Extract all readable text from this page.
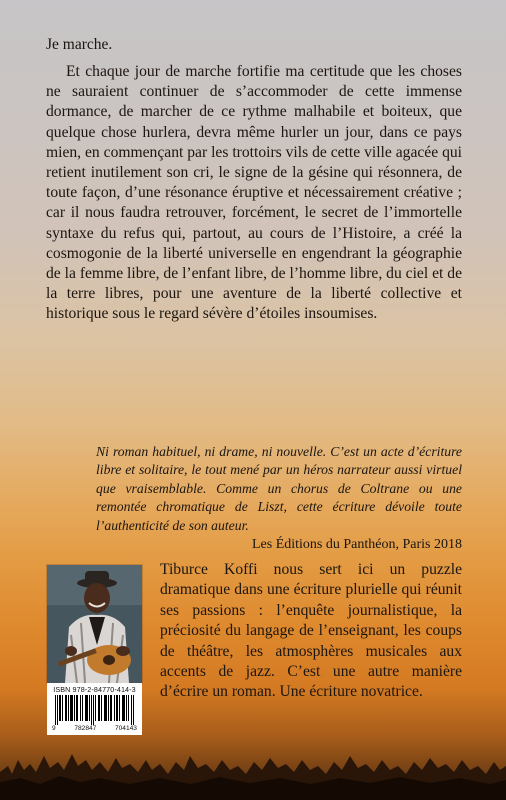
Je marche.

Et chaque jour de marche fortifie ma certitude que les choses ne sauraient continuer de s’accommoder de cette immense dormance, de marcher de ce rythme malhabile et boiteux, que quelque chose hurlera, devra même hurler un jour, dans ce pays mien, en commençant par les trottoirs vils de cette ville agacée qui retient inutilement son cri, le signe de la gésine qui résonnera, de toute façon, d’une résonance éruptive et nécessairement créative ; car il nous faudra retrouver, forcément, le secret de l’immortelle syntaxe du refus qui, partout, au cours de l’Histoire, a créé la cosmogonie de la liberté universelle en engendrant la géographie de la femme libre, de l’enfant libre, de l’homme libre, du ciel et de la terre libres, pour une aventure de la liberté collective et historique sous le regard sévère d’étoiles insoumises.

Ni roman habituel, ni drame, ni nouvelle. C’est un acte d’écriture libre et solitaire, le tout mené par un héros narrateur aussi virtuel que vraisemblable. Comme un chorus de Coltrane ou une remontée chromatique de Liszt, cette écriture dévoile toute l’authenticité de son auteur.

Les Éditions du Panthéon, Paris 2018

ISBN 978-2-84770-414-3
9	782847	704143

Tiburce Koffi nous sert ici un puzzle dramatique dans une écriture plurielle qui réunit ses passions : l’enquête journalistique, la préciosité du langage de l’enseignant, les coups de théâtre, les atmosphères musicales aux accents de jazz. C’est une autre manière d’écrire un roman. Une écriture novatrice.
